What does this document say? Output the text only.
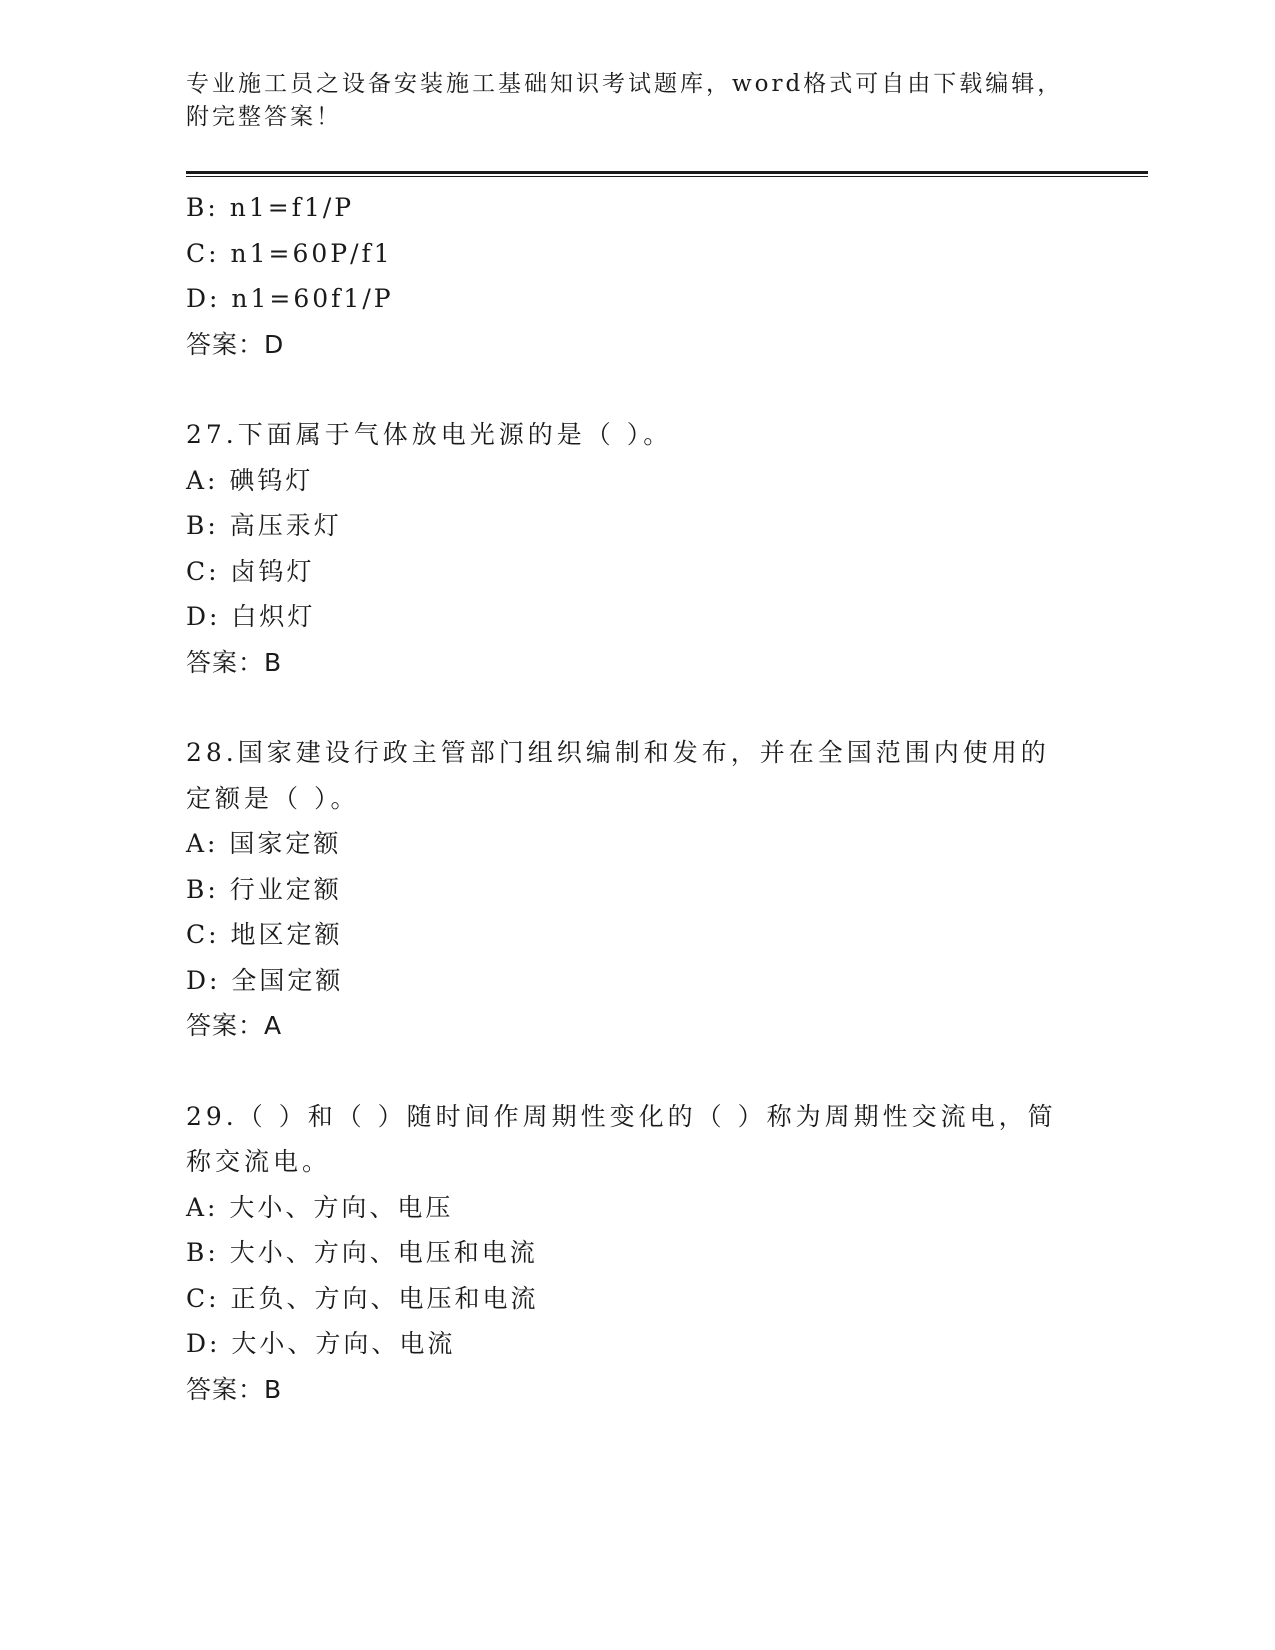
专业施工员之设备安装施工基础知识考试题库，word格式可自由下载编辑，附完整答案！

B: n1=f1/P
C: n1=60P/f1
D: n1=60f1/P
答案：D
27.下面属于气体放电光源的是（ ）。
A: 碘钨灯
B: 高压汞灯
C: 卤钨灯
D: 白炽灯
答案：B
28.国家建设行政主管部门组织编制和发布，并在全国范围内使用的定额是（ ）。
A: 国家定额
B: 行业定额
C: 地区定额
D: 全国定额
答案：A
29.（ ）和（ ）随时间作周期性变化的（ ）称为周期性交流电，简称交流电。
A: 大小、方向、电压
B: 大小、方向、电压和电流
C: 正负、方向、电压和电流
D: 大小、方向、电流
答案：B
